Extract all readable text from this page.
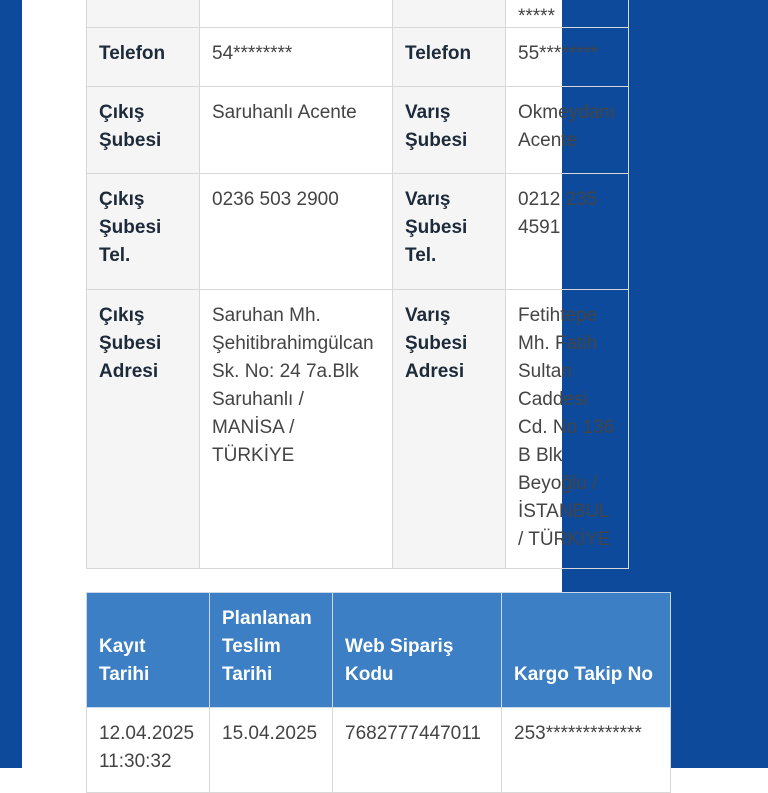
			*****
Telefon	54********	Telefon	55********
Çıkış Şubesi	Saruhanlı Acente	Varış Şubesi	Okmeydanı Acente
Çıkış Şubesi Tel.	0236 503 2900	Varış Şubesi Tel.	0212 235 4591
Çıkış Şubesi Adresi	Saruhan Mh. Şehitibrahimgülcan Sk. No: 24 7a.Blk Saruhanlı / MANİSA / TÜRKİYE	Varış Şubesi Adresi	Fetihtepe Mh. Fatih Sultan Caddesi Cd. No 136 B Blk Beyoğlu / İSTANBUL / TÜRKİYE
Kayıt Tarihi	Planlanan Teslim Tarihi	Web Sipariş Kodu	Kargo Takip No
12.04.2025 11:30:32	15.04.2025	7682777447011	253*************
